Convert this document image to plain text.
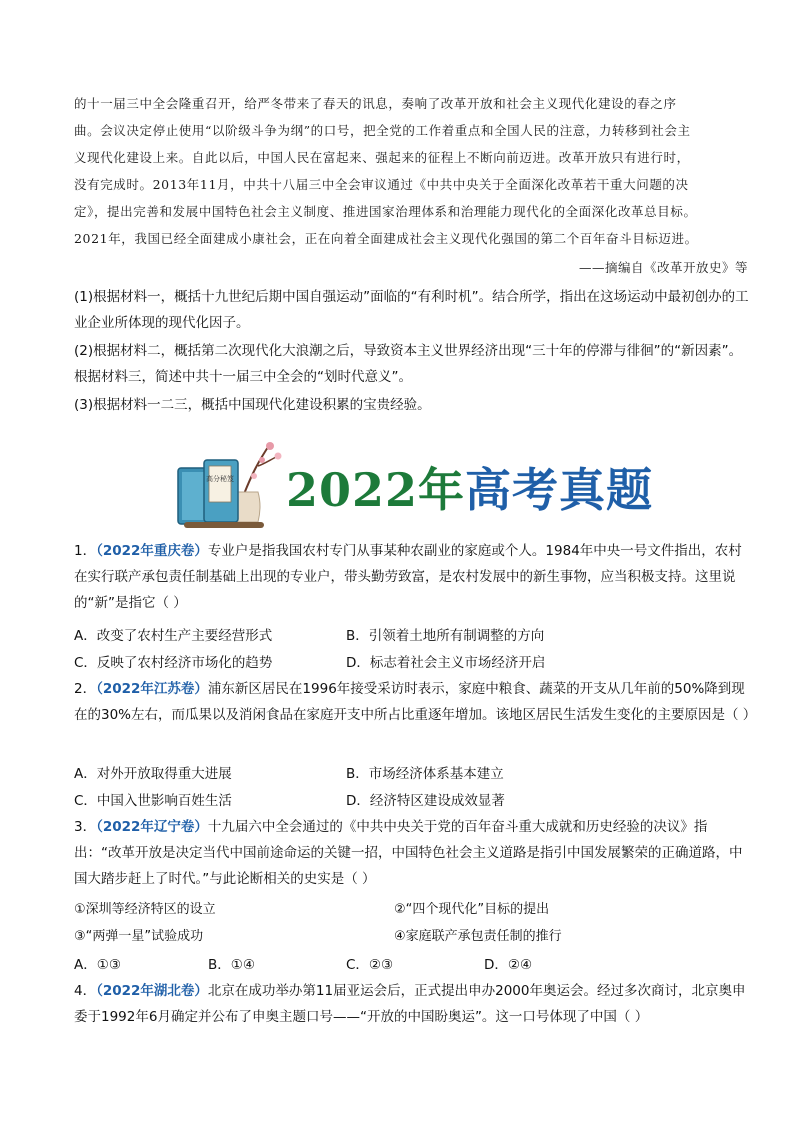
的十一届三中全会隆重召开，给严冬带来了春天的讯息，奏响了改革开放和社会主义现代化建设的春之序
曲。会议决定停止使用“以阶级斗争为纲”的口号，把全党的工作着重点和全国人民的注意，力转移到社会主
义现代化建设上来。自此以后，中国人民在富起来、强起来的征程上不断向前迈进。改革开放只有进行时，
没有完成时。2013年11月，中共十八届三中全会审议通过《中共中央关于全面深化改革若干重大问题的决
定》，提出完善和发展中国特色社会主义制度、推进国家治理体系和治理能力现代化的全面深化改革总目标。
2021年，我国已经全面建成小康社会，正在向着全面建成社会主义现代化强国的第二个百年奋斗目标迈进。
——摘编自《改革开放史》等
(1)根据材料一，概括十九世纪后期中国自强运动”面临的“有利时机”。结合所学，指出在这场运动中最初创办的工业企业所体现的现代化因子。
(2)根据材料二，概括第二次现代化大浪潮之后，导致资本主义世界经济出现“三十年的停滞与徘徊”的“新因素”。根据材料三，简述中共十一届三中全会的“划时代意义”。
(3)根据材料一二三，概括中国现代化建设积累的宝贵经验。
高分秘笈 2022年高考真题
1．（2022年重庆卷）专业户是指我国农村专门从事某种农副业的家庭或个人。1984年中央一号文件指出，农村在实行联产承包责任制基础上出现的专业户，带头勤劳致富，是农村发展中的新生事物，应当积极支持。这里说的“新”是指它（ ）
A．改变了农村生产主要经营形式	B．引领着土地所有制调整的方向
C．反映了农村经济市场化的趋势	D．标志着社会主义市场经济开启
2．（2022年江苏卷）浦东新区居民在1996年接受采访时表示，家庭中粮食、蔬菜的开支从几年前的50%降到现在的30%左右，而瓜果以及消闲食品在家庭开支中所占比重逐年增加。该地区居民生活发生变化的主要原因是（ ）
A．对外开放取得重大进展	B．市场经济体系基本建立
C．中国入世影响百姓生活	D．经济特区建设成效显著
3．（2022年辽宁卷）十九届六中全会通过的《中共中央关于党的百年奋斗重大成就和历史经验的决议》指出：“改革开放是决定当代中国前途命运的关键一招，中国特色社会主义道路是指引中国发展繁荣的正确道路，中国大踏步赶上了时代。”与此论断相关的史实是（ ）
①深圳等经济特区的设立	②“四个现代化”目标的提出
③“两弹一星”试验成功	④家庭联产承包责任制的推行
A．①③	B．①④	C．②③	D．②④
4．（2022年湖北卷）北京在成功举办第11届亚运会后，正式提出申办2000年奥运会。经过多次商讨，北京奥申委于1992年6月确定并公布了申奥主题口号——“开放的中国盼奥运”。这一口号体现了中国（ ）
